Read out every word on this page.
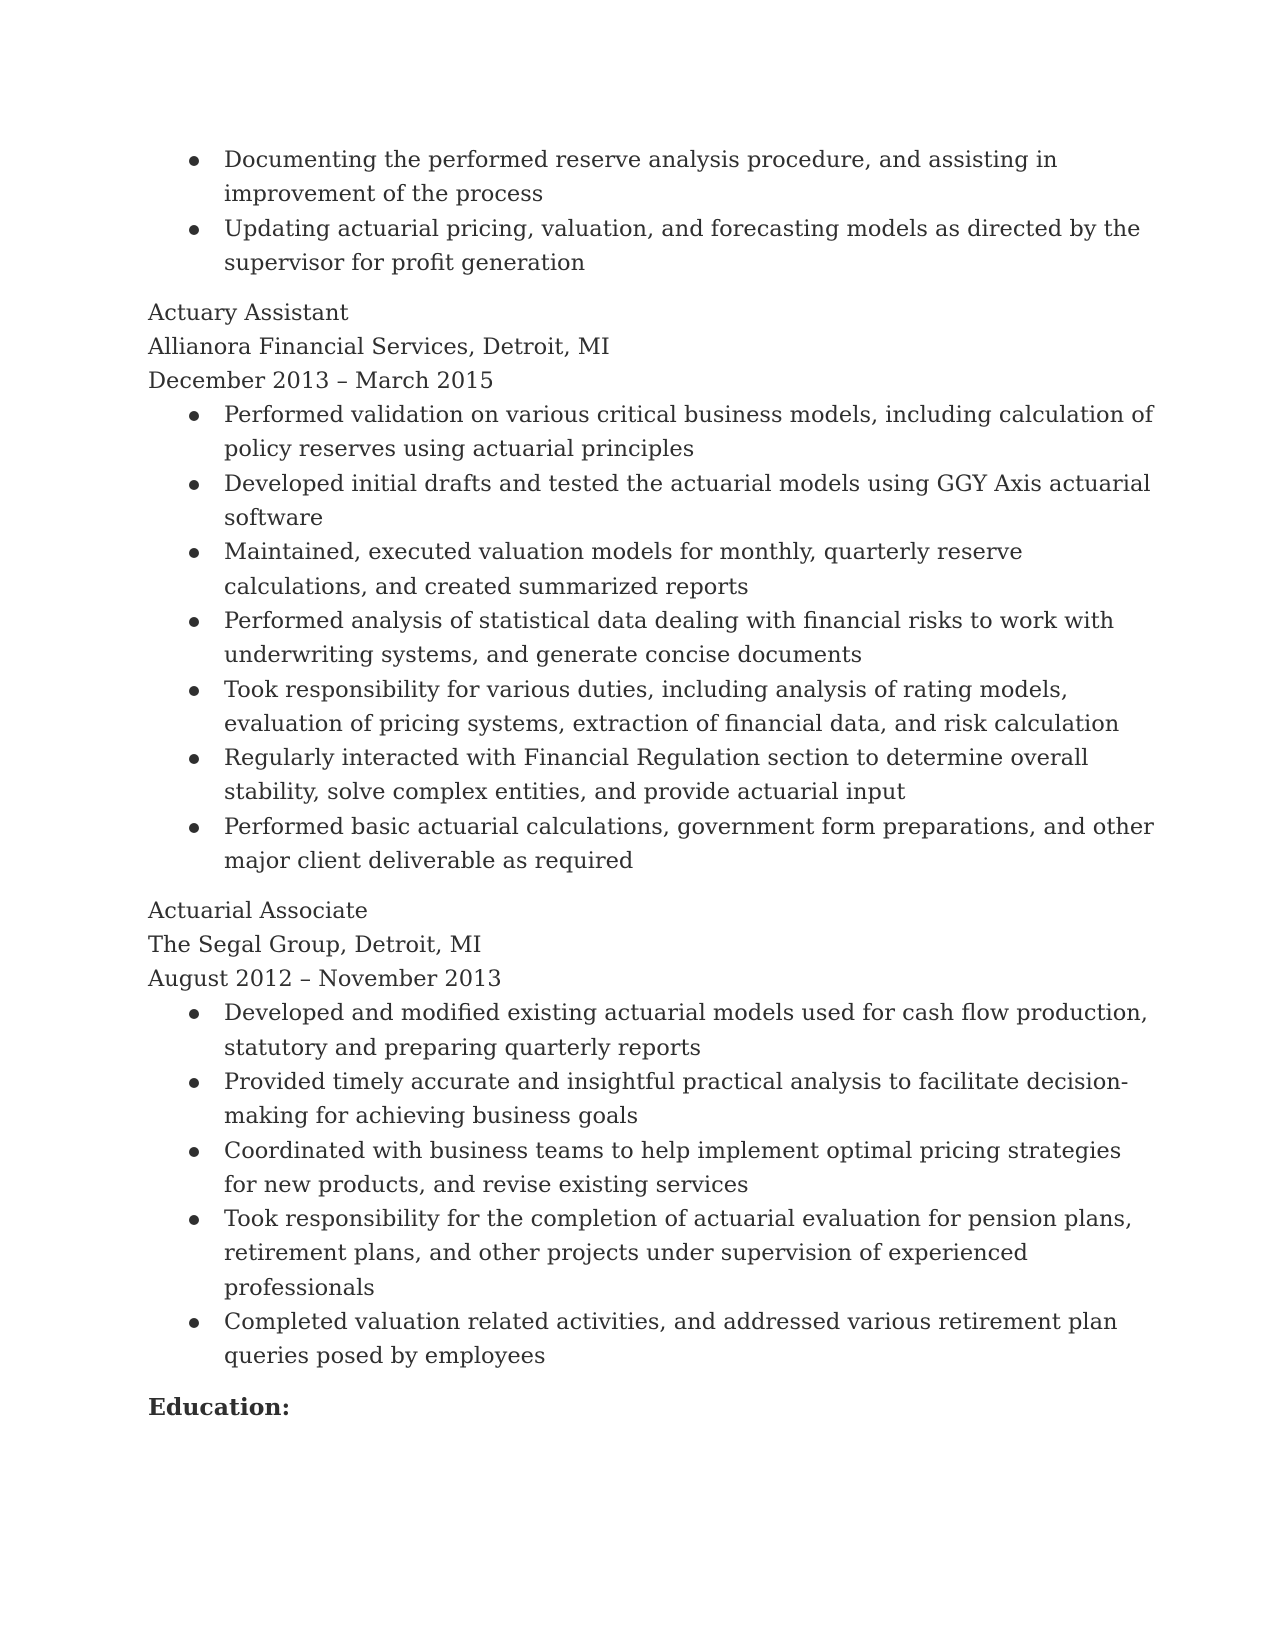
Documenting the performed reserve analysis procedure, and assisting in improvement of the process
Updating actuarial pricing, valuation, and forecasting models as directed by the supervisor for profit generation

Actuary Assistant

Allianora Financial Services, Detroit, MI

December 2013 – March 2015

Performed validation on various critical business models, including calculation of policy reserves using actuarial principles
Developed initial drafts and tested the actuarial models using GGY Axis actuarial software
Maintained, executed valuation models for monthly, quarterly reserve calculations, and created summarized reports
Performed analysis of statistical data dealing with financial risks to work with underwriting systems, and generate concise documents
Took responsibility for various duties, including analysis of rating models, evaluation of pricing systems, extraction of financial data, and risk calculation
Regularly interacted with Financial Regulation section to determine overall stability, solve complex entities, and provide actuarial input
Performed basic actuarial calculations, government form preparations, and other major client deliverable as required

Actuarial Associate

The Segal Group, Detroit, MI

August 2012 – November 2013

Developed and modified existing actuarial models used for cash flow production, statutory and preparing quarterly reports
Provided timely accurate and insightful practical analysis to facilitate decision-making for achieving business goals
Coordinated with business teams to help implement optimal pricing strategies for new products, and revise existing services
Took responsibility for the completion of actuarial evaluation for pension plans, retirement plans, and other projects under supervision of experienced professionals
Completed valuation related activities, and addressed various retirement plan queries posed by employees

Education:
